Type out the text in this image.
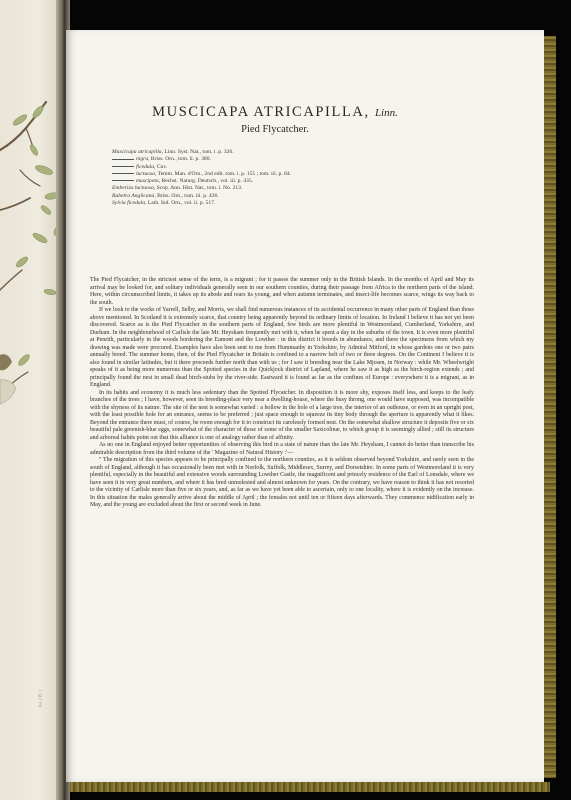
Vol. 2 Pl. 1
MUSCICAPA ATRICAPILLA, Linn.
Pied Flycatcher.
Muscicapa atricapilla, Linn. Syst. Nat., tom. i. p. 326.
nigra, Briss. Orn., tom. ii. p. 380.
ficedula, Cuv.
luctuosa, Temm. Man. d'Orn., 2nd edit. tom. i. p. 155 ; tom. iii. p. 84.
muscipeta, Bechst. Naturg. Deutsch., vol. iii. p. 435.
Emberiza luctuosa, Scop. Ann. Hist. Nat., tom. i. No. 213.
Rubetra Anglicana, Briss. Orn., tom. iii. p. 436.
Sylvia ficedula, Lath. Ind. Orn., vol. ii. p. 517.

The Pied Flycatcher, in the strictest sense of the term, is a migrant ; for it passes the summer only in the British Islands. In the months of April and May its arrival may be looked for, and solitary individuals generally seen in our southern counties, during their passage from Africa to the northern parts of the island. Here, within circumscribed limits, it takes up its abode and rears its young, and when autumn terminates, and insect-life becomes scarce, wings its way back to the south.

If we look to the works of Yarrell, Selby, and Morris, we shall find numerous instances of its accidental occurrence in many other parts of England than those above mentioned. In Scotland it is extremely scarce, that country being apparently beyond its ordinary limits of location. In Ireland I believe it has not yet been discovered. Scarce as is the Pied Flycatcher in the southern parts of England, few birds are more plentiful in Westmoreland, Cumberland, Yorkshire, and Durham. In the neighbourhood of Carlisle the late Mr. Heysham frequently met with it, when he spent a day in the suburbs of the town. It is even more plentiful at Penrith, particularly in the woods bordering the Eamont and the Lowther : in this district it breeds in abundance, and there the specimens from which my drawing was made were procured. Examples have also been sent to me from Hummanby in Yorkshire, by Admiral Mitford, in whose gardens one or two pairs annually breed. The summer home, then, of the Pied Flycatcher in Britain is confined to a narrow belt of two or three degrees. On the Continent I believe it is also found in similar latitudes, but it there proceeds further north than with us ; for I saw it breeding near the Lake Mjosen, in Norway : while Mr. Wheelwright speaks of it as being more numerous than the Spotted species in the Quickjock district of Lapland, where he saw it as high as the birch-region extends ; and principally found the nest in small dead birch-stubs by the river-side. Eastward it is found as far as the confines of Europe : everywhere it is a migrant, as in England.

In its habits and economy it is much less sedentary than the Spotted Flycatcher. In disposition it is more shy, exposes itself less, and keeps to the leafy branches of the trees ; I have, however, seen its breeding-place very near a dwelling-house, where the busy throng, one would have supposed, was incompatible with the shyness of its nature. The site of the nest is somewhat varied : a hollow in the hole of a large tree, the interior of an outhouse, or even in an upright post, with the least possible hole for an entrance, seems to be preferred ; just space enough to squeeze its tiny body through the aperture is apparently what it likes. Beyond the entrance there must, of course, be room enough for it to construct its carelessly formed nest. On the somewhat shallow structure it deposits five or six beautiful pale greenish-blue eggs, somewhat of the character of those of some of the smaller Saxicolinæ, to which group it is seemingly allied ; still its structure and arboreal habits point out that this alliance is one of analogy rather than of affinity.

As no one in England enjoyed better opportunities of observing this bird in a state of nature than the late Mr. Heysham, I cannot do better than transcribe his admirable description from the third volume of the ' Magazine of Natural History :'—

" The migration of this species appears to be principally confined to the northern counties, as it is seldom observed beyond Yorkshire, and rarely seen in the south of England, although it has occasionally been met with in Norfolk, Suffolk, Middlesex, Surrey, and Dorsetshire. In some parts of Westmoreland it is very plentiful, especially in the beautiful and extensive woods surrounding Lowther Castle, the magnificent and princely residence of the Earl of Lonsdale, where we have seen it in very great numbers, and where it has bred unmolested and almost unknown for years. On the contrary, we have reason to think it has not resorted to the vicinity of Carlisle more than five or six years, and, as far as we have yet been able to ascertain, only to one locality, where it is evidently on the increase. In this situation the males generally arrive about the middle of April ; the females not until ten or fifteen days afterwards. They commence nidification early in May, and the young are excluded about the first or second week in June.
